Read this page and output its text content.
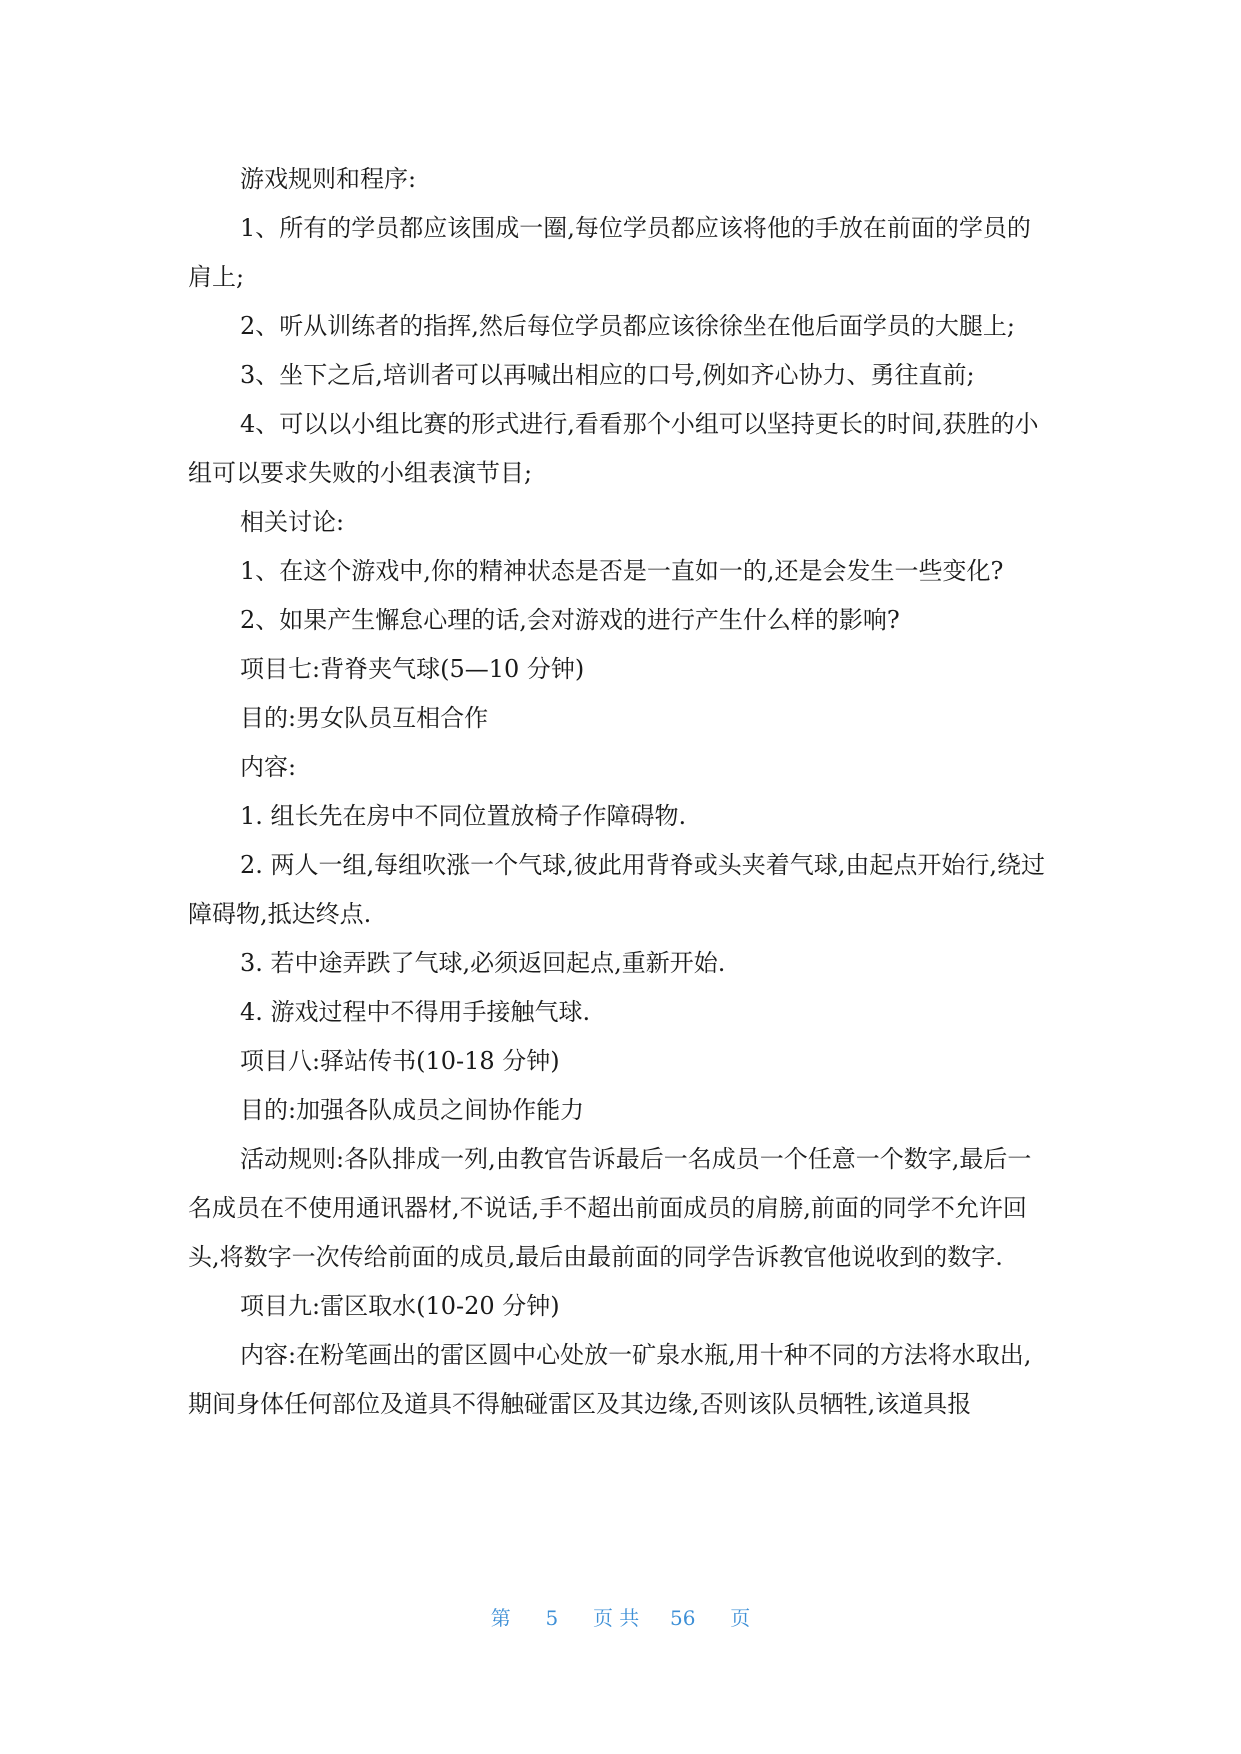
游戏规则和程序:

1、所有的学员都应该围成一圈,每位学员都应该将他的手放在前面的学员的肩上;

2、听从训练者的指挥,然后每位学员都应该徐徐坐在他后面学员的大腿上;

3、坐下之后,培训者可以再喊出相应的口号,例如齐心协力、勇往直前;

4、可以以小组比赛的形式进行,看看那个小组可以坚持更长的时间,获胜的小组可以要求失败的小组表演节目;

相关讨论:

1、在这个游戏中,你的精神状态是否是一直如一的,还是会发生一些变化?

2、如果产生懈怠心理的话,会对游戏的进行产生什么样的影响?

项目七:背脊夹气球(5—10 分钟)

目的:男女队员互相合作

内容:

1. 组长先在房中不同位置放椅子作障碍物.

2. 两人一组,每组吹涨一个气球,彼此用背脊或头夹着气球,由起点开始行,绕过障碍物,抵达终点.

3. 若中途弄跌了气球,必须返回起点,重新开始.

4. 游戏过程中不得用手接触气球.

项目八:驿站传书(10-18 分钟)

目的:加强各队成员之间协作能力

活动规则:各队排成一列,由教官告诉最后一名成员一个任意一个数字,最后一名成员在不使用通讯器材,不说话,手不超出前面成员的肩膀,前面的同学不允许回头,将数字一次传给前面的成员,最后由最前面的同学告诉教官他说收到的数字.

项目九:雷区取水(10-20 分钟)

内容:在粉笔画出的雷区圆中心处放一矿泉水瓶,用十种不同的方法将水取出,期间身体任何部位及道具不得触碰雷区及其边缘,否则该队员牺牲,该道具报

第 5 页 共 56 页
